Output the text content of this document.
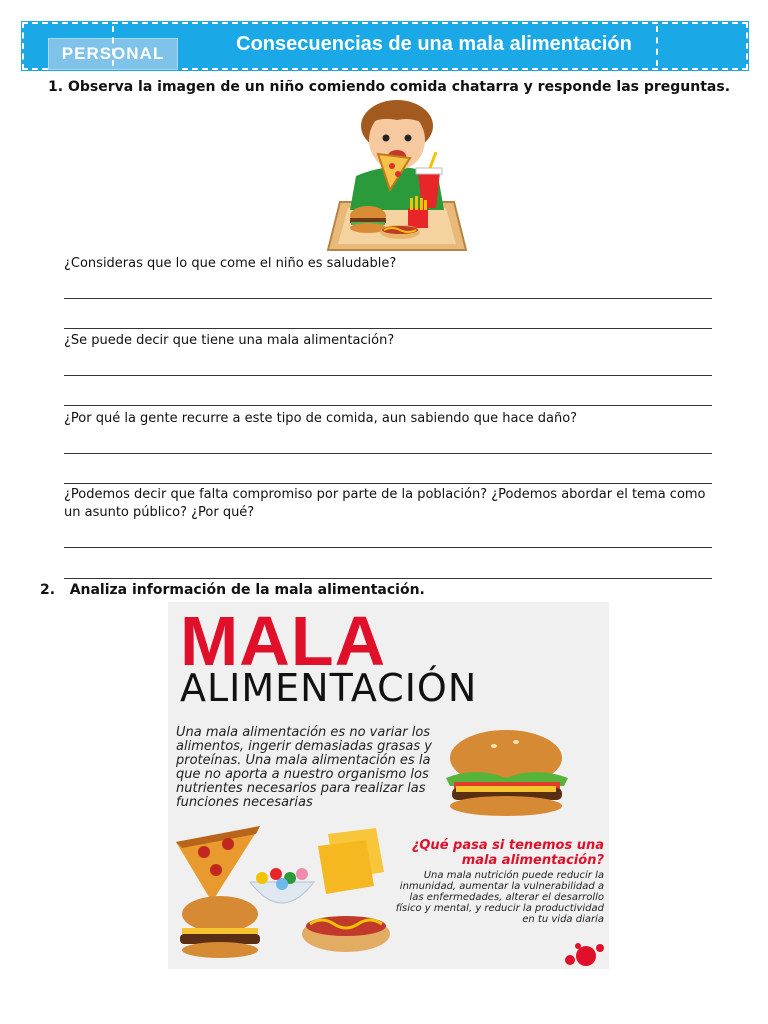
PERSONAL	Consecuencias de una mala alimentación
1. Observa la imagen de un niño comiendo comida chatarra y responde las preguntas.
¿Consideras que lo que come el niño es saludable?
¿Se puede decir que tiene una mala alimentación?
¿Por qué la gente recurre a este tipo de comida, aun sabiendo que hace daño?
¿Podemos decir que falta compromiso por parte de la población? ¿Podemos abordar el tema como un asunto público? ¿Por qué?
2. Analiza información de la mala alimentación.
MALA
ALIMENTACIÓN
Una mala alimentación es no variar los alimentos, ingerir demasiadas grasas y proteínas. Una mala alimentación es la que no aporta a nuestro organismo los nutrientes necesarios para realizar las funciones necesarias
¿Qué pasa si tenemos una mala alimentación?
Una mala nutrición puede reducir la inmunidad, aumentar la vulnerabilidad a las enfermedades, alterar el desarrollo físico y mental, y reducir la productividad en tu vida diaria
